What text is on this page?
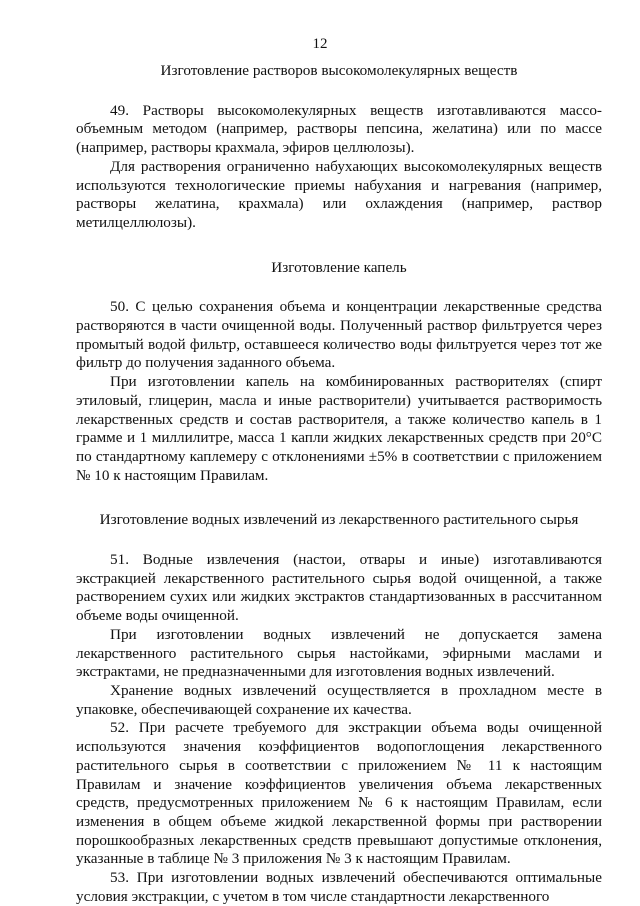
12

Изготовление растворов высокомолекулярных веществ

49. Растворы высокомолекулярных веществ изготавливаются массо-объемным методом (например, растворы пепсина, желатина) или по массе (например, растворы крахмала, эфиров целлюлозы).

Для растворения ограниченно набухающих высокомолекулярных веществ используются технологические приемы набухания и нагревания (например, растворы желатина, крахмала) или охлаждения (например, раствор метилцеллюлозы).

Изготовление капель

50. С целью сохранения объема и концентрации лекарственные средства растворяются в части очищенной воды. Полученный раствор фильтруется через промытый водой фильтр, оставшееся количество воды фильтруется через тот же фильтр до получения заданного объема.

При изготовлении капель на комбинированных растворителях (спирт этиловый, глицерин, масла и иные растворители) учитывается растворимость лекарственных средств и состав растворителя, а также количество капель в 1 грамме и 1 миллилитре, масса 1 капли жидких лекарственных средств при 20°С по стандартному каплемеру с отклонениями ±5% в соответствии с приложением № 10 к настоящим Правилам.

Изготовление водных извлечений из лекарственного растительного сырья

51. Водные извлечения (настои, отвары и иные) изготавливаются экстракцией лекарственного растительного сырья водой очищенной, а также растворением сухих или жидких экстрактов стандартизованных в рассчитанном объеме воды очищенной.

При изготовлении водных извлечений не допускается замена лекарственного растительного сырья настойками, эфирными маслами и экстрактами, не предназначенными для изготовления водных извлечений.

Хранение водных извлечений осуществляется в прохладном месте в упаковке, обеспечивающей сохранение их качества.

52. При расчете требуемого для экстракции объема воды очищенной используются значения коэффициентов водопоглощения лекарственного растительного сырья в соответствии с приложением № 11 к настоящим Правилам и значение коэффициентов увеличения объема лекарственных средств, предусмотренных приложением № 6 к настоящим Правилам, если изменения в общем объеме жидкой лекарственной формы при растворении порошкообразных лекарственных средств превышают допустимые отклонения, указанные в таблице № 3 приложения № 3 к настоящим Правилам.

53. При изготовлении водных извлечений обеспечиваются оптимальные условия экстракции, с учетом в том числе стандартности лекарственного
